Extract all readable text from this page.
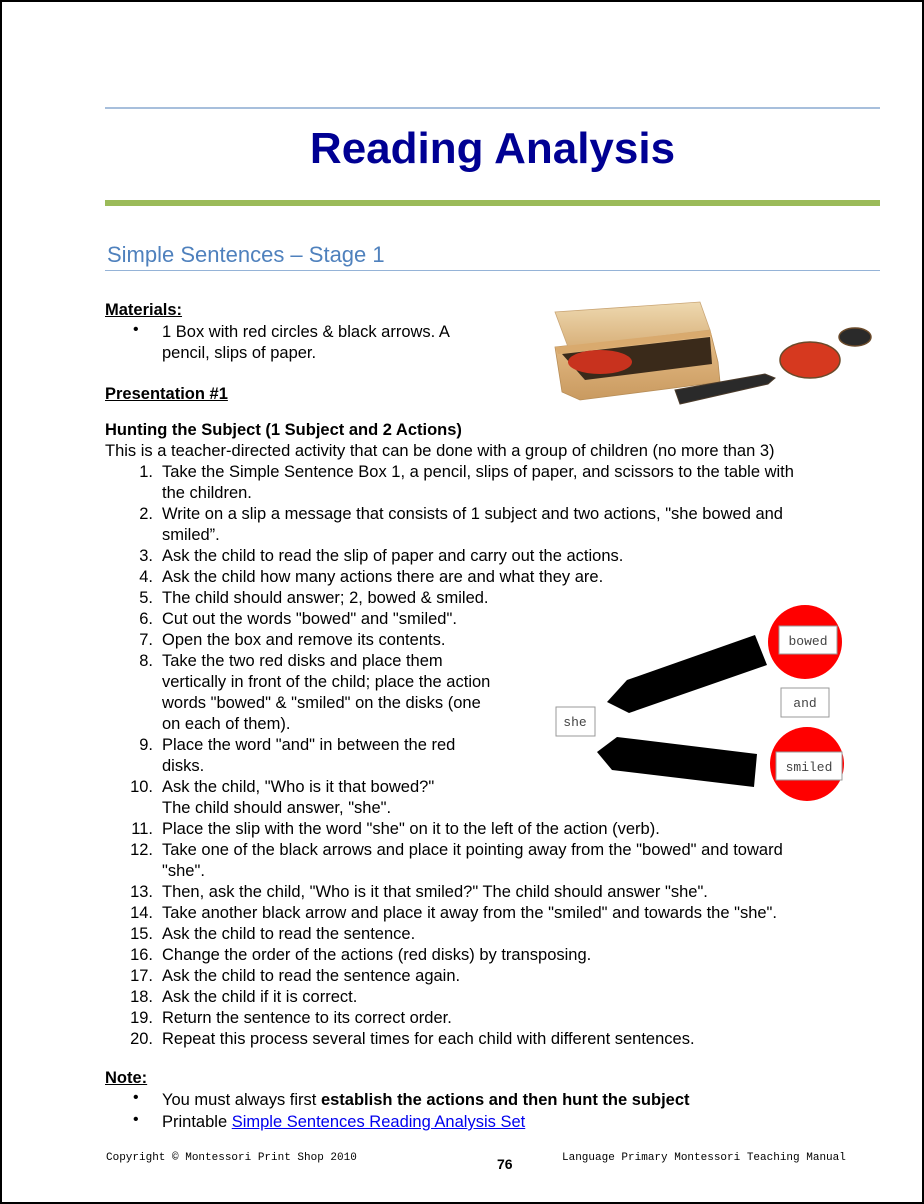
Reading Analysis
Simple Sentences – Stage 1
Materials:
• 1 Box with red circles & black arrows. A
pencil, slips of paper.
Presentation #1
Hunting the Subject (1 Subject and 2 Actions)
This is a teacher-directed activity that can be done with a group of children (no more than 3)
1. Take the Simple Sentence Box 1, a pencil, slips of paper, and scissors to the table with
the children.
2. Write on a slip a message that consists of 1 subject and two actions, "she bowed and
smiled”.
3. Ask the child to read the slip of paper and carry out the actions.
4. Ask the child how many actions there are and what they are.
5. The child should answer; 2, bowed & smiled.
6. Cut out the words "bowed" and "smiled".
7. Open the box and remove its contents.
8. Take the two red disks and place them
vertically in front of the child; place the action
words "bowed" & "smiled" on the disks (one
on each of them).
9. Place the word "and" in between the red
disks.
10. Ask the child, "Who is it that bowed?"
The child should answer, "she".
11. Place the slip with the word "she" on it to the left of the action (verb).
12. Take one of the black arrows and place it pointing away from the "bowed" and toward
"she".
13. Then, ask the child, "Who is it that smiled?" The child should answer "she".
14. Take another black arrow and place it away from the "smiled" and towards the "she".
15. Ask the child to read the sentence.
16. Change the order of the actions (red disks) by transposing.
17. Ask the child to read the sentence again.
18. Ask the child if it is correct.
19. Return the sentence to its correct order.
20. Repeat this process several times for each child with different sentences.
bowed
and
smiled
she
Note:
• You must always first establish the actions and then hunt the subject
• Printable Simple Sentences Reading Analysis Set
Copyright © Montessori Print Shop 2010	76	Language Primary Montessori Teaching Manual
